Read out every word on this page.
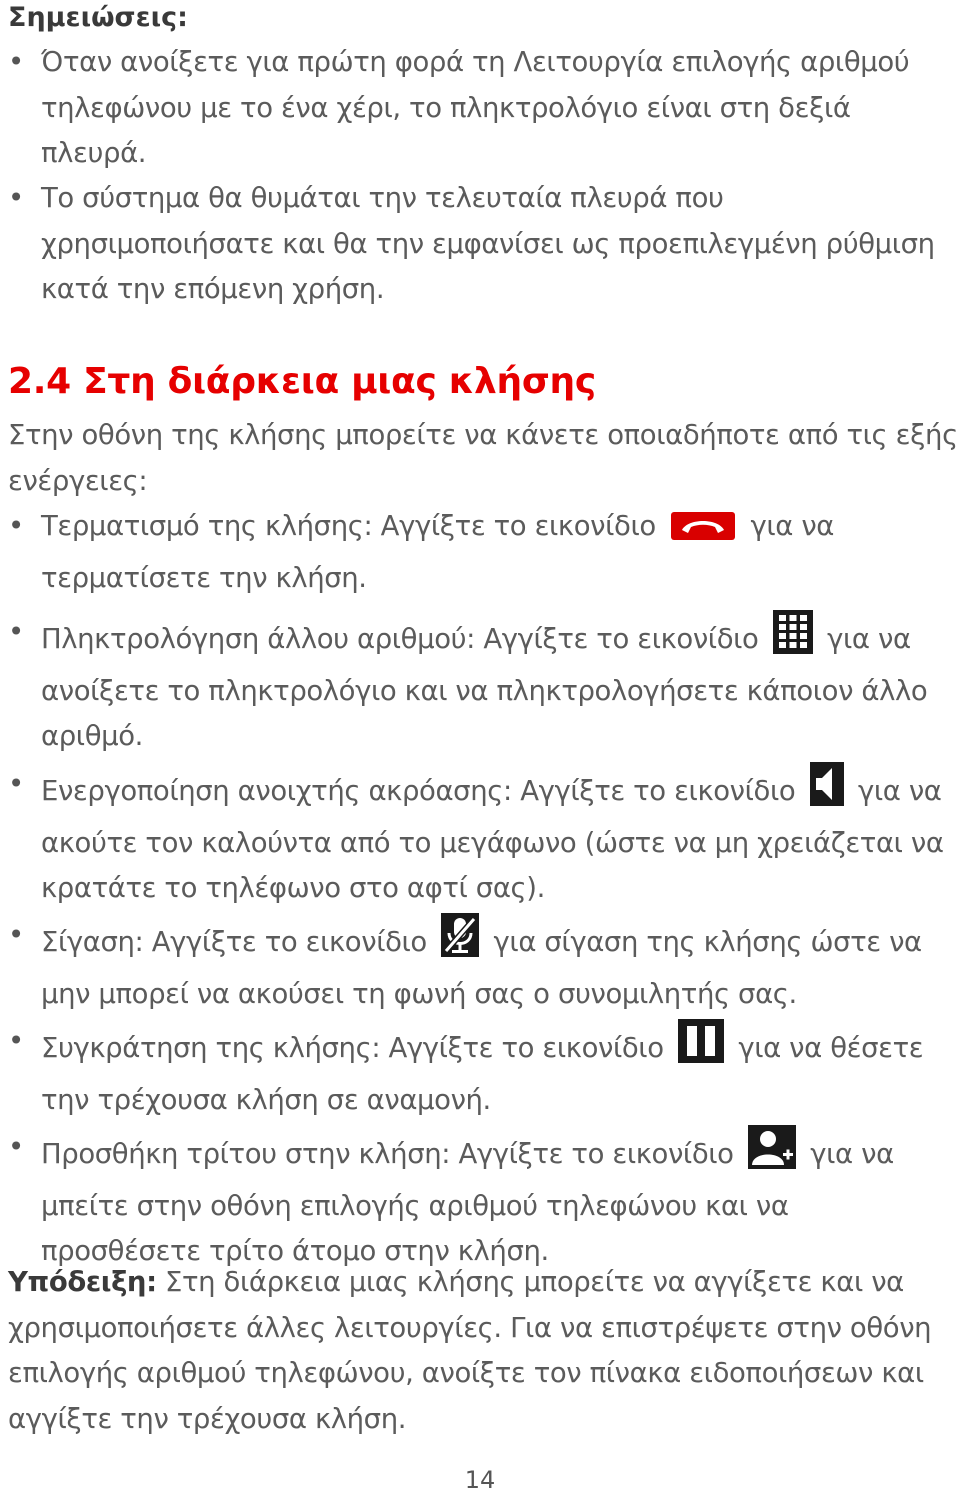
Σημειώσεις:
• Όταν ανοίξετε για πρώτη φορά τη Λειτουργία επιλογής αριθμού τηλεφώνου με το ένα χέρι, το πληκτρολόγιο είναι στη δεξιά πλευρά.
• Το σύστημα θα θυμάται την τελευταία πλευρά που χρησιμοποιήσατε και θα την εμφανίσει ως προεπιλεγμένη ρύθμιση κατά την επόμενη χρήση.
2.4 Στη διάρκεια μιας κλήσης
Στην οθόνη της κλήσης μπορείτε να κάνετε οποιαδήποτε από τις εξής ενέργειες:
• Τερματισμό της κλήσης: Αγγίξτε το εικονίδιο	για να τερματίσετε την κλήση.
• Πληκτρολόγηση άλλου αριθμού: Αγγίξτε το εικονίδιο για να ανοίξετε το πληκτρολόγιο και να πληκτρολογήσετε κάποιον άλλο αριθμό.
• Ενεργοποίηση ανοιχτής ακρόασης: Αγγίξτε το εικονίδιο για να ακούτε τον καλούντα από το μεγάφωνο (ώστε να μη χρειάζεται να κρατάτε το τηλέφωνο στο αφτί σας).
• Σίγαση: Αγγίξτε το εικονίδιο για σίγαση της κλήσης ώστε να μην μπορεί να ακούσει τη φωνή σας ο συνομιλητής σας.
• Συγκράτηση της κλήσης: Αγγίξτε το εικονίδιο	για να θέσετε την τρέχουσα κλήση σε αναμονή.
• Προσθήκη τρίτου στην κλήση: Αγγίξτε το εικονίδιο	για να μπείτε στην οθόνη επιλογής αριθμού τηλεφώνου και να προσθέσετε τρίτο άτομο στην κλήση.
Υπόδειξη: Στη διάρκεια μιας κλήσης μπορείτε να αγγίξετε και να χρησιμοποιήσετε άλλες λειτουργίες. Για να επιστρέψετε στην οθόνη επιλογής αριθμού τηλεφώνου, ανοίξτε τον πίνακα ειδοποιήσεων και αγγίξτε την τρέχουσα κλήση.
14
